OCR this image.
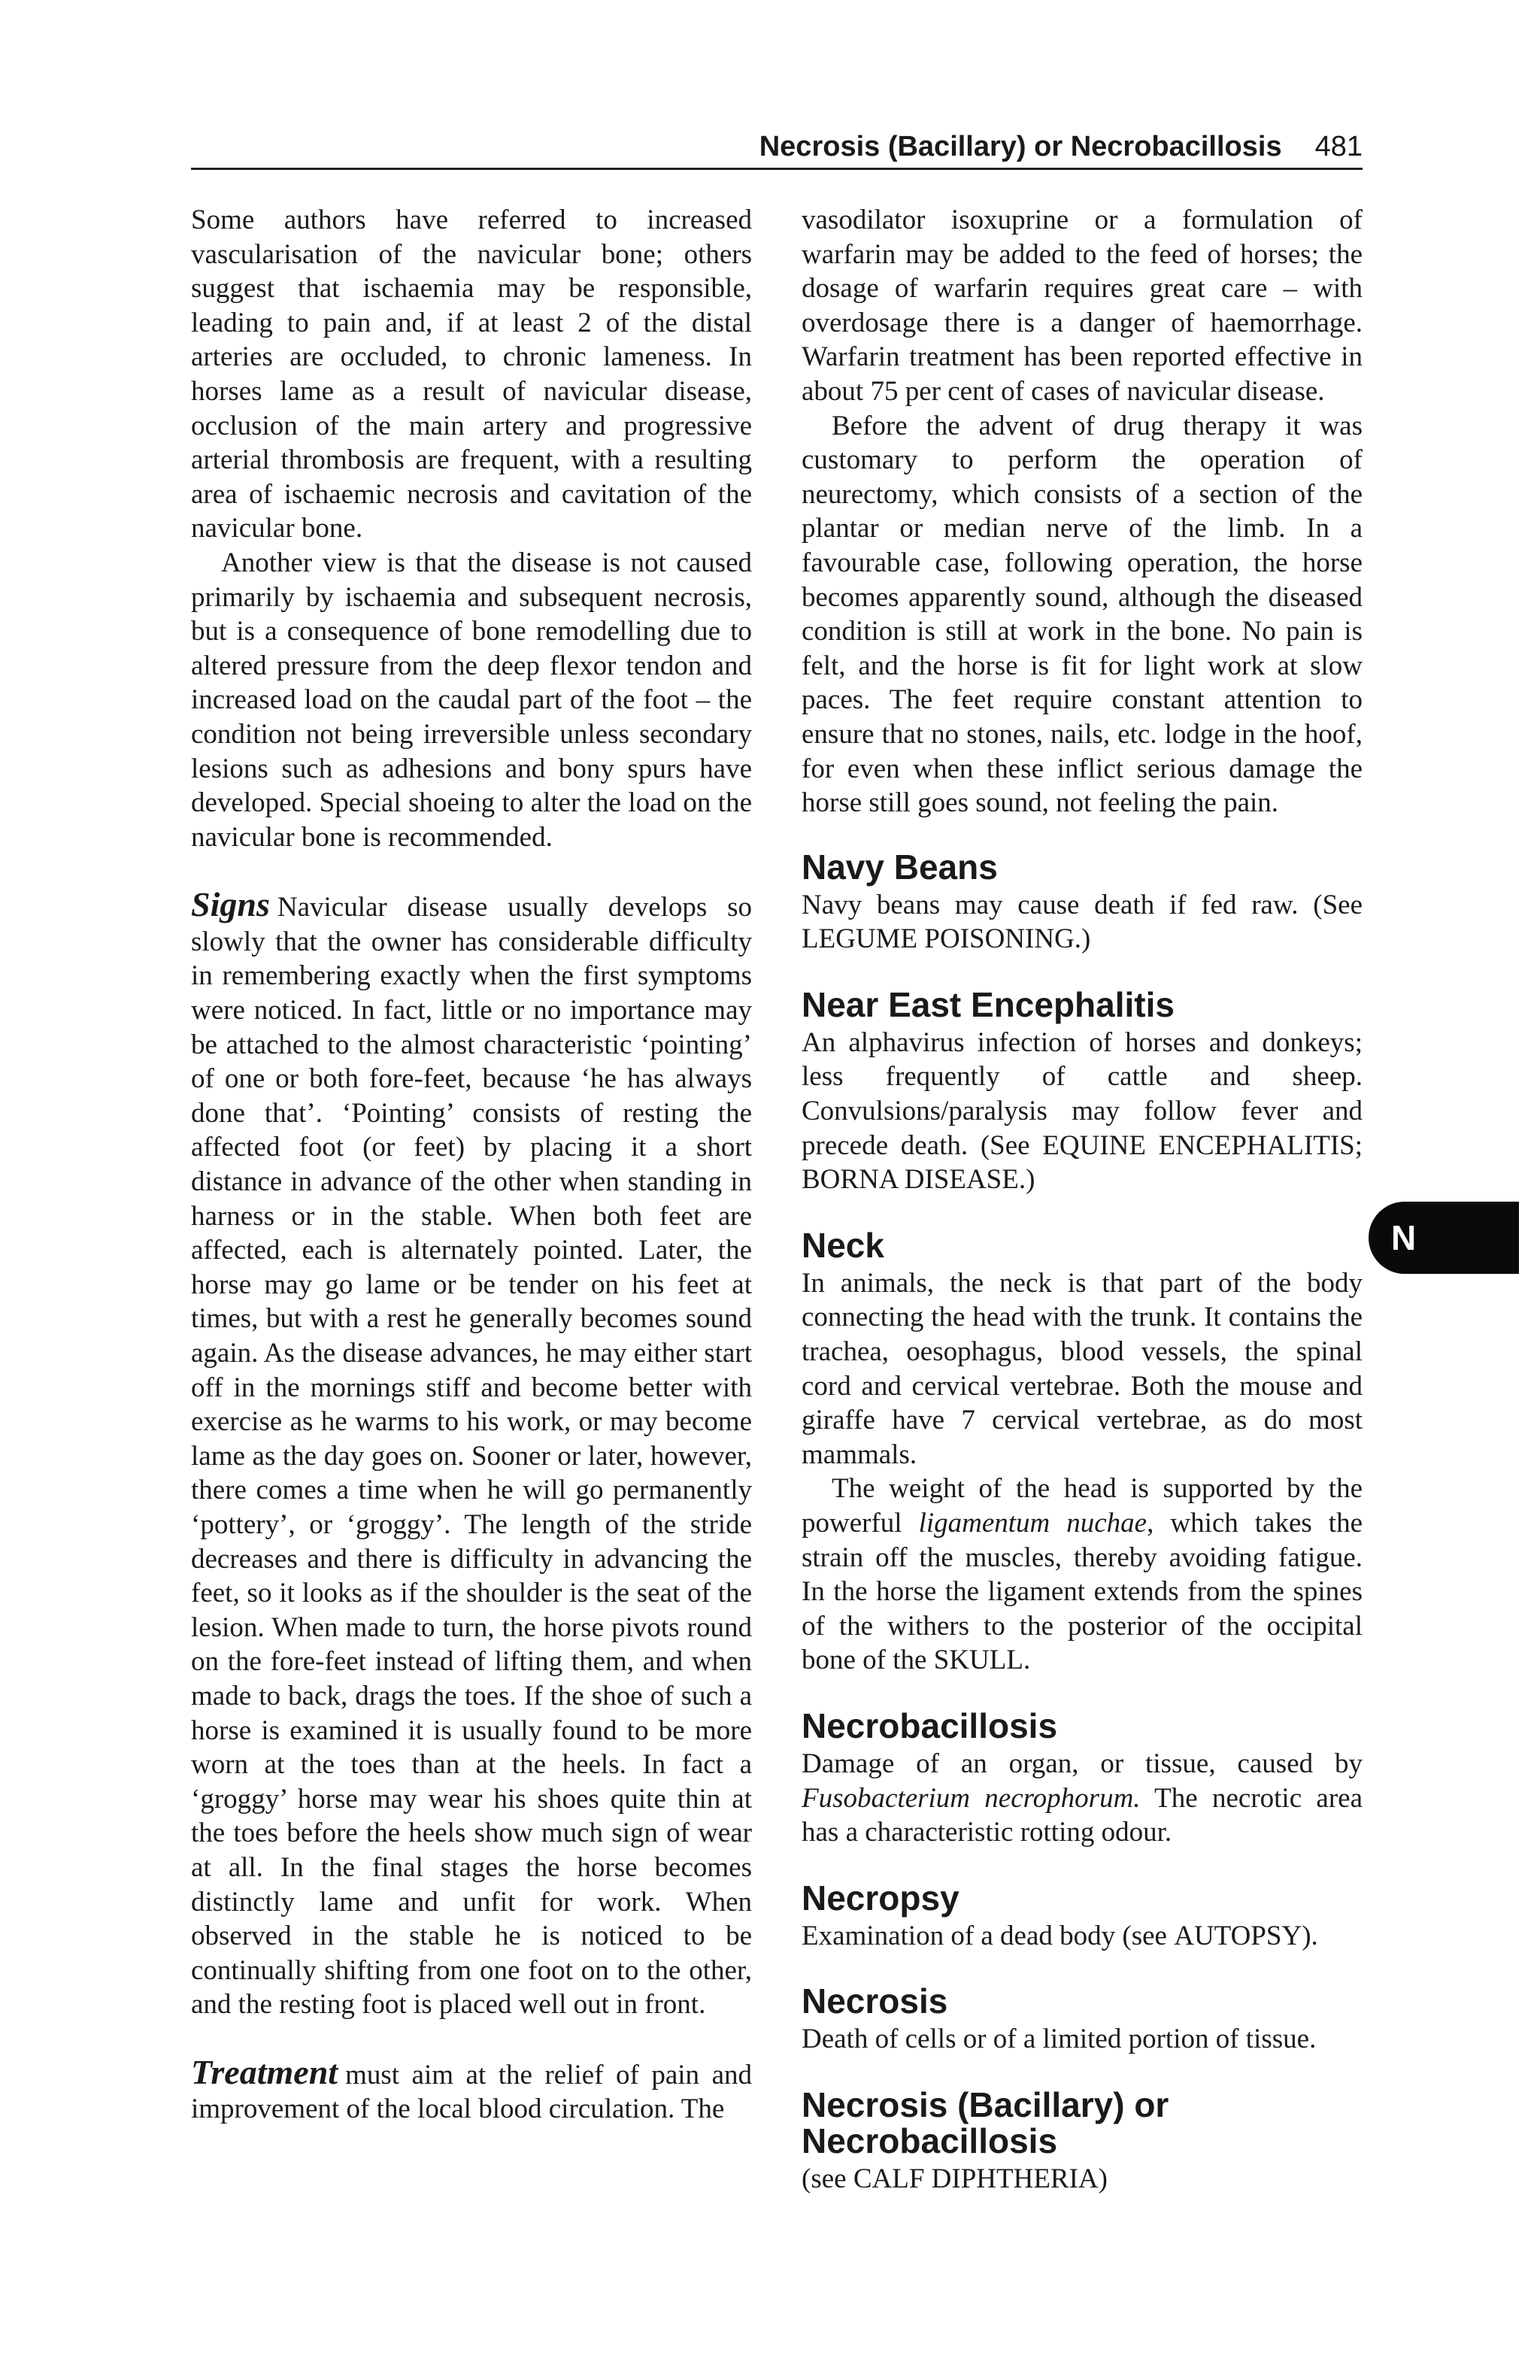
Necrosis (Bacillary) or Necrobacillosis 481

Some authors have referred to increased vascularisation of the navicular bone; others suggest that ischaemia may be responsible, leading to pain and, if at least 2 of the distal arteries are occluded, to chronic lameness. In horses lame as a result of navicular disease, occlusion of the main artery and progressive arterial thrombosis are frequent, with a resulting area of ischaemic necrosis and cavitation of the navicular bone.

Another view is that the disease is not caused primarily by ischaemia and subsequent necrosis, but is a consequence of bone remodelling due to altered pressure from the deep flexor tendon and increased load on the caudal part of the foot – the condition not being irreversible unless secondary lesions such as adhesions and bony spurs have developed. Special shoeing to alter the load on the navicular bone is recommended.

Signs Navicular disease usually develops so slowly that the owner has considerable difficulty in remembering exactly when the first symptoms were noticed. In fact, little or no importance may be attached to the almost characteristic ‘pointing’ of one or both fore-feet, because ‘he has always done that’. ‘Pointing’ consists of resting the affected foot (or feet) by placing it a short distance in advance of the other when standing in harness or in the stable. When both feet are affected, each is alternately pointed. Later, the horse may go lame or be tender on his feet at times, but with a rest he generally becomes sound again. As the disease advances, he may either start off in the mornings stiff and become better with exercise as he warms to his work, or may become lame as the day goes on. Sooner or later, however, there comes a time when he will go permanently ‘pottery’, or ‘groggy’. The length of the stride decreases and there is difficulty in advancing the feet, so it looks as if the shoulder is the seat of the lesion. When made to turn, the horse pivots round on the fore-feet instead of lifting them, and when made to back, drags the toes. If the shoe of such a horse is examined it is usually found to be more worn at the toes than at the heels. In fact a ‘groggy’ horse may wear his shoes quite thin at the toes before the heels show much sign of wear at all. In the final stages the horse becomes distinctly lame and unfit for work. When observed in the stable he is noticed to be continually shifting from one foot on to the other, and the resting foot is placed well out in front.

Treatment must aim at the relief of pain and improvement of the local blood circulation. The

vasodilator isoxuprine or a formulation of warfarin may be added to the feed of horses; the dosage of warfarin requires great care – with overdosage there is a danger of haemorrhage. Warfarin treatment has been reported effective in about 75 per cent of cases of navicular disease.

Before the advent of drug therapy it was customary to perform the operation of neurectomy, which consists of a section of the plantar or median nerve of the limb. In a favourable case, following operation, the horse becomes apparently sound, although the diseased condition is still at work in the bone. No pain is felt, and the horse is fit for light work at slow paces. The feet require constant attention to ensure that no stones, nails, etc. lodge in the hoof, for even when these inflict serious damage the horse still goes sound, not feeling the pain.

Navy Beans

Navy beans may cause death if fed raw. (See LEGUME POISONING.)

Near East Encephalitis

An alphavirus infection of horses and donkeys; less frequently of cattle and sheep. Convulsions/paralysis may follow fever and precede death. (See EQUINE ENCEPHALITIS; BORNA DISEASE.)

Neck

In animals, the neck is that part of the body connecting the head with the trunk. It contains the trachea, oesophagus, blood vessels, the spinal cord and cervical vertebrae. Both the mouse and giraffe have 7 cervical vertebrae, as do most mammals.

The weight of the head is supported by the powerful ligamentum nuchae, which takes the strain off the muscles, thereby avoiding fatigue. In the horse the ligament extends from the spines of the withers to the posterior of the occipital bone of the SKULL.

Necrobacillosis

Damage of an organ, or tissue, caused by Fusobacterium necrophorum. The necrotic area has a characteristic rotting odour.

Necropsy

Examination of a dead body (see AUTOPSY).

Necrosis

Death of cells or of a limited portion of tissue.

Necrosis (Bacillary) or Necrobacillosis

(see CALF DIPHTHERIA)

N
